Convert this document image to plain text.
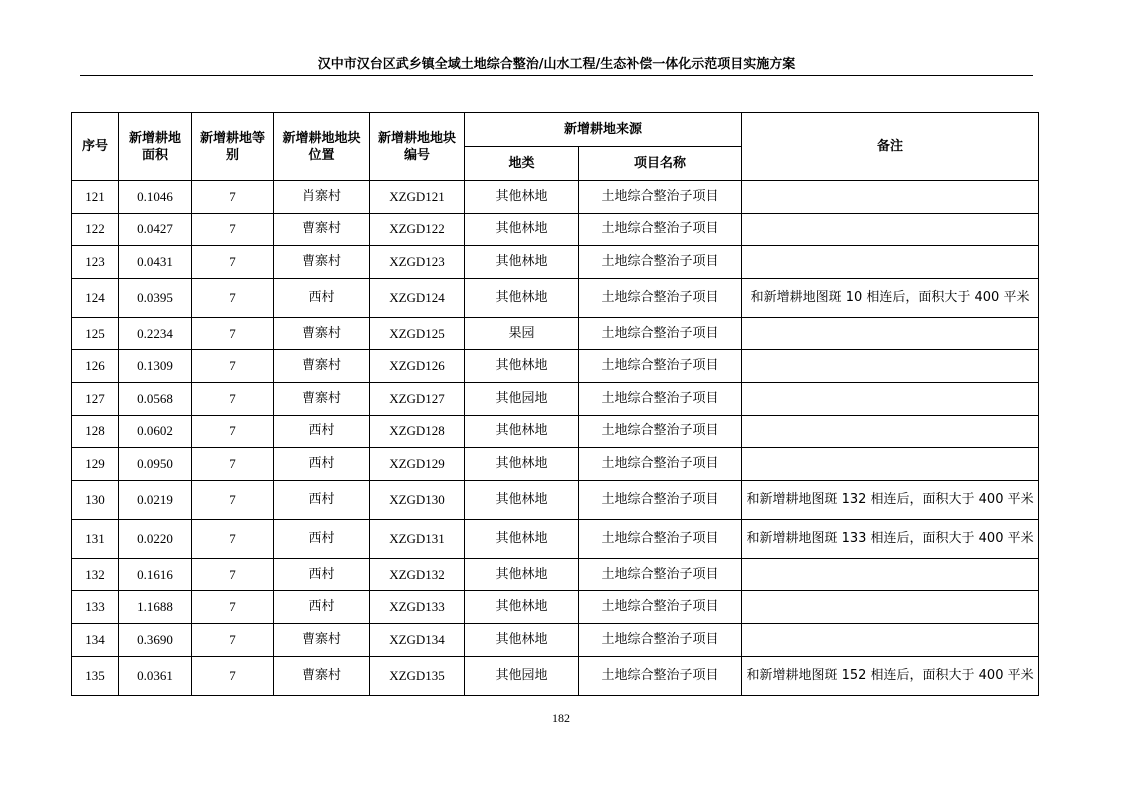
汉中市汉台区武乡镇全域土地综合整治/山水工程/生态补偿一体化示范项目实施方案
序号	新增耕地面积	新增耕地等别	新增耕地地块位置	新增耕地地块编号	新增耕地来源		备注
					地类	项目名称	
121	0.1046	7	肖寨村	XZGD121	其他林地	土地综合整治子项目	
122	0.0427	7	曹寨村	XZGD122	其他林地	土地综合整治子项目	
123	0.0431	7	曹寨村	XZGD123	其他林地	土地综合整治子项目	
124	0.0395	7	西村	XZGD124	其他林地	土地综合整治子项目	和新增耕地图斑 10 相连后，面积大于 400 平米
125	0.2234	7	曹寨村	XZGD125	果园	土地综合整治子项目	
126	0.1309	7	曹寨村	XZGD126	其他林地	土地综合整治子项目	
127	0.0568	7	曹寨村	XZGD127	其他园地	土地综合整治子项目	
128	0.0602	7	西村	XZGD128	其他林地	土地综合整治子项目	
129	0.0950	7	西村	XZGD129	其他林地	土地综合整治子项目	
130	0.0219	7	西村	XZGD130	其他林地	土地综合整治子项目	和新增耕地图斑 132 相连后，面积大于 400 平米
131	0.0220	7	西村	XZGD131	其他林地	土地综合整治子项目	和新增耕地图斑 133 相连后，面积大于 400 平米
132	0.1616	7	西村	XZGD132	其他林地	土地综合整治子项目	
133	1.1688	7	西村	XZGD133	其他林地	土地综合整治子项目	
134	0.3690	7	曹寨村	XZGD134	其他林地	土地综合整治子项目	
135	0.0361	7	曹寨村	XZGD135	其他园地	土地综合整治子项目	和新增耕地图斑 152 相连后，面积大于 400 平米
182
